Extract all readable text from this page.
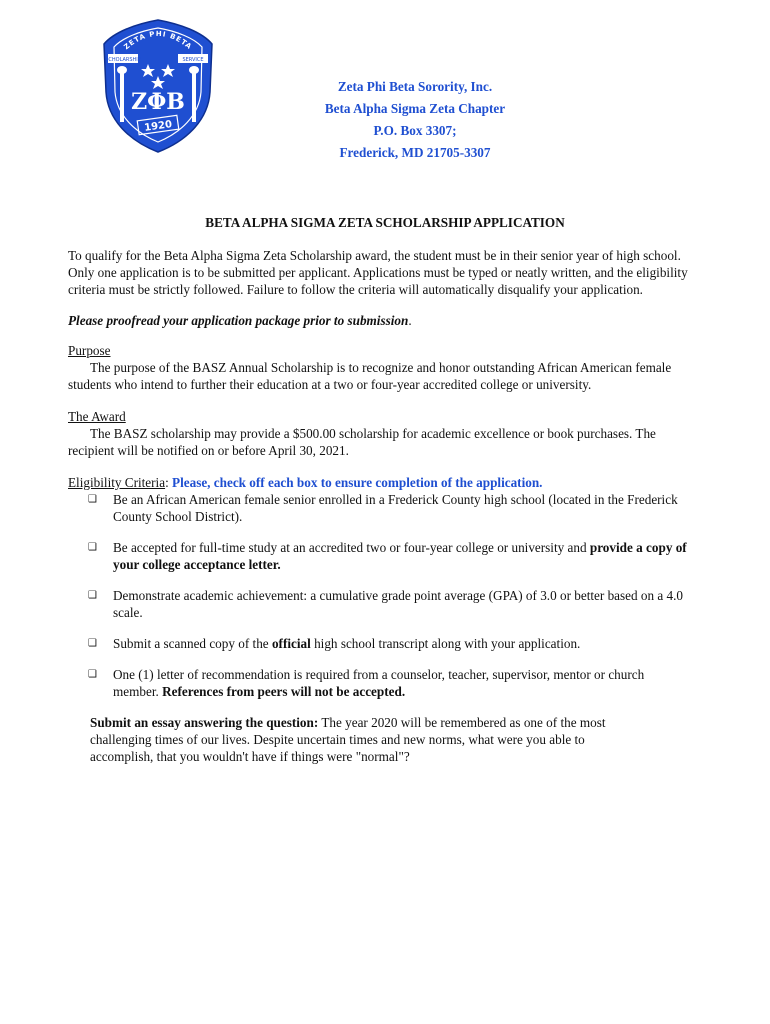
ZETA PHI BETA
SCHOLARSHIP	SERVICE
ZΦB
1920
Zeta Phi Beta Sorority, Inc.
Beta Alpha Sigma Zeta Chapter
P.O. Box 3307;
Frederick, MD 21705-3307
BETA ALPHA SIGMA ZETA SCHOLARSHIP APPLICATION

To qualify for the Beta Alpha Sigma Zeta Scholarship award, the student must be in their senior year of high school. Only one application is to be submitted per applicant. Applications must be typed or neatly written, and the eligibility criteria must be strictly followed. Failure to follow the criteria will automatically disqualify your application.

Please proofread your application package prior to submission.

Purpose

The purpose of the BASZ Annual Scholarship is to recognize and honor outstanding African American female students who intend to further their education at a two or four-year accredited college or university.

The Award

The BASZ scholarship may provide a $500.00 scholarship for academic excellence or book purchases. The recipient will be notified on or before April 30, 2021.

Eligibility Criteria: Please, check off each box to ensure completion of the application.

❑	Be an African American female senior enrolled in a Frederick County high school (located in the Frederick County School District).
❑	Be accepted for full-time study at an accredited two or four-year college or university and provide a copy of your college acceptance letter.
❑	Demonstrate academic achievement: a cumulative grade point average (GPA) of 3.0 or better based on a 4.0 scale.
❑	Submit a scanned copy of the official high school transcript along with your application.
❑	One (1) letter of recommendation is required from a counselor, teacher, supervisor, mentor or church member. References from peers will not be accepted.

Submit an essay answering the question: The year 2020 will be remembered as one of the most challenging times of our lives. Despite uncertain times and new norms, what were you able to accomplish, that you wouldn't have if things were "normal"?
